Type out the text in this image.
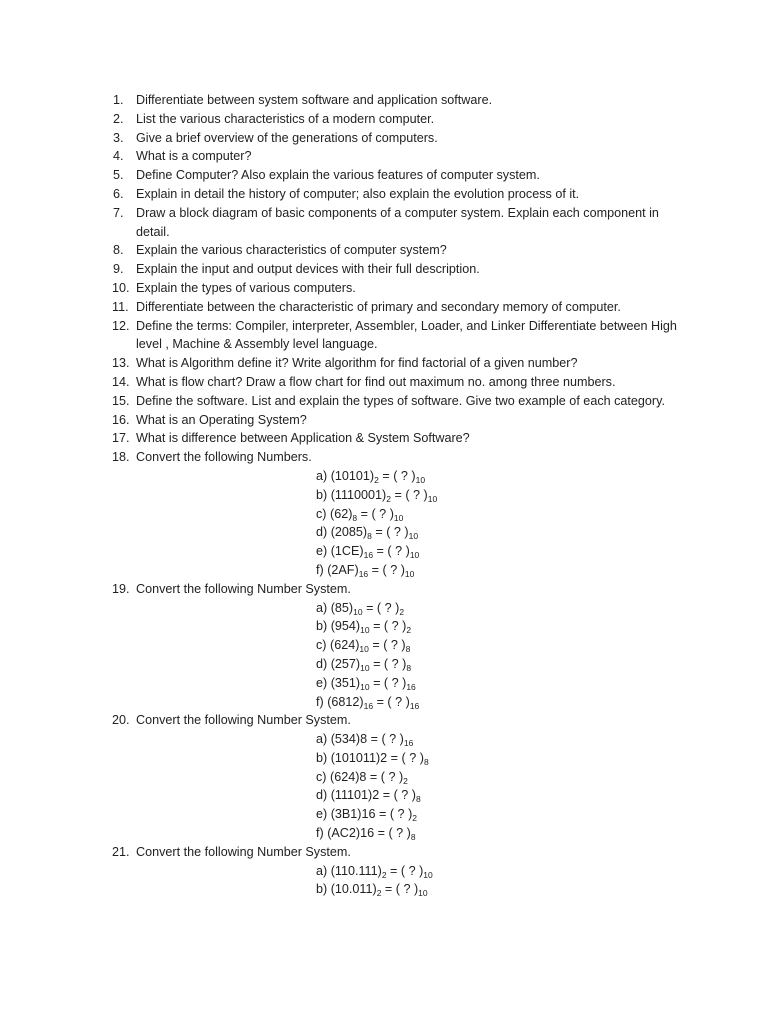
1. Differentiate between system software and application software.
2. List the various characteristics of a modern computer.
3. Give a brief overview of the generations of computers.
4. What is a computer?
5. Define Computer? Also explain the various features of computer system.
6. Explain in detail the history of computer; also explain the evolution process of it.
7. Draw a block diagram of basic components of a computer system. Explain each component in detail.
8. Explain the various characteristics of computer system?
9. Explain the input and output devices with their full description.
10. Explain the types of various computers.
11. Differentiate between the characteristic of primary and secondary memory of computer.
12. Define the terms: Compiler, interpreter, Assembler, Loader, and Linker Differentiate between High level , Machine & Assembly level language.
13. What is Algorithm define it? Write algorithm for find factorial of a given number?
14. What is flow chart? Draw a flow chart for find out maximum no. among three numbers.
15. Define the software. List and explain the types of software. Give two example of each category.
16. What is an Operating System?
17. What is difference between Application & System Software?
18. Convert the following Numbers.
a) $(10101)_2$ = ( ? )$_{10}$
b) $(1110001)_2$ = ( ? )$_{10}$
c) $(62)_8$ = ( ? )$_{10}$
d) $(2085)_8$ = ( ? )$_{10}$
e) $(1CE)_{16}$ = ( ? )$_{10}$
f) $(2AF)_{16}$ = ( ? )$_{10}$
19. Convert the following Number System.
a) $(85)_{10}$ = ( ? )$_2$
b) $(954)_{10}$ = ( ? )$_2$
c) $(624)_{10}$ = ( ? )$_8$
d) $(257)_{10}$ = ( ? )$_8$
e) $(351)_{10}$ = ( ? )$_{16}$
f) $(6812)_{16}$ = ( ? )$_{16}$
20. Convert the following Number System.
a) (534)8 = ( ? )$_{16}$
b) (101011)2 = ( ? )$_8$
c) (624)8 = ( ? )$_2$
d) (11101)2 = ( ? )$_8$
e) (3B1)16 = ( ? )$_2$
f) (AC2)16 = ( ? )$_8$
21. Convert the following Number System.
a) $(110.111)_2$ = ( ? )$_{10}$
b) $(10.011)_2$ = ( ? )$_{10}$
